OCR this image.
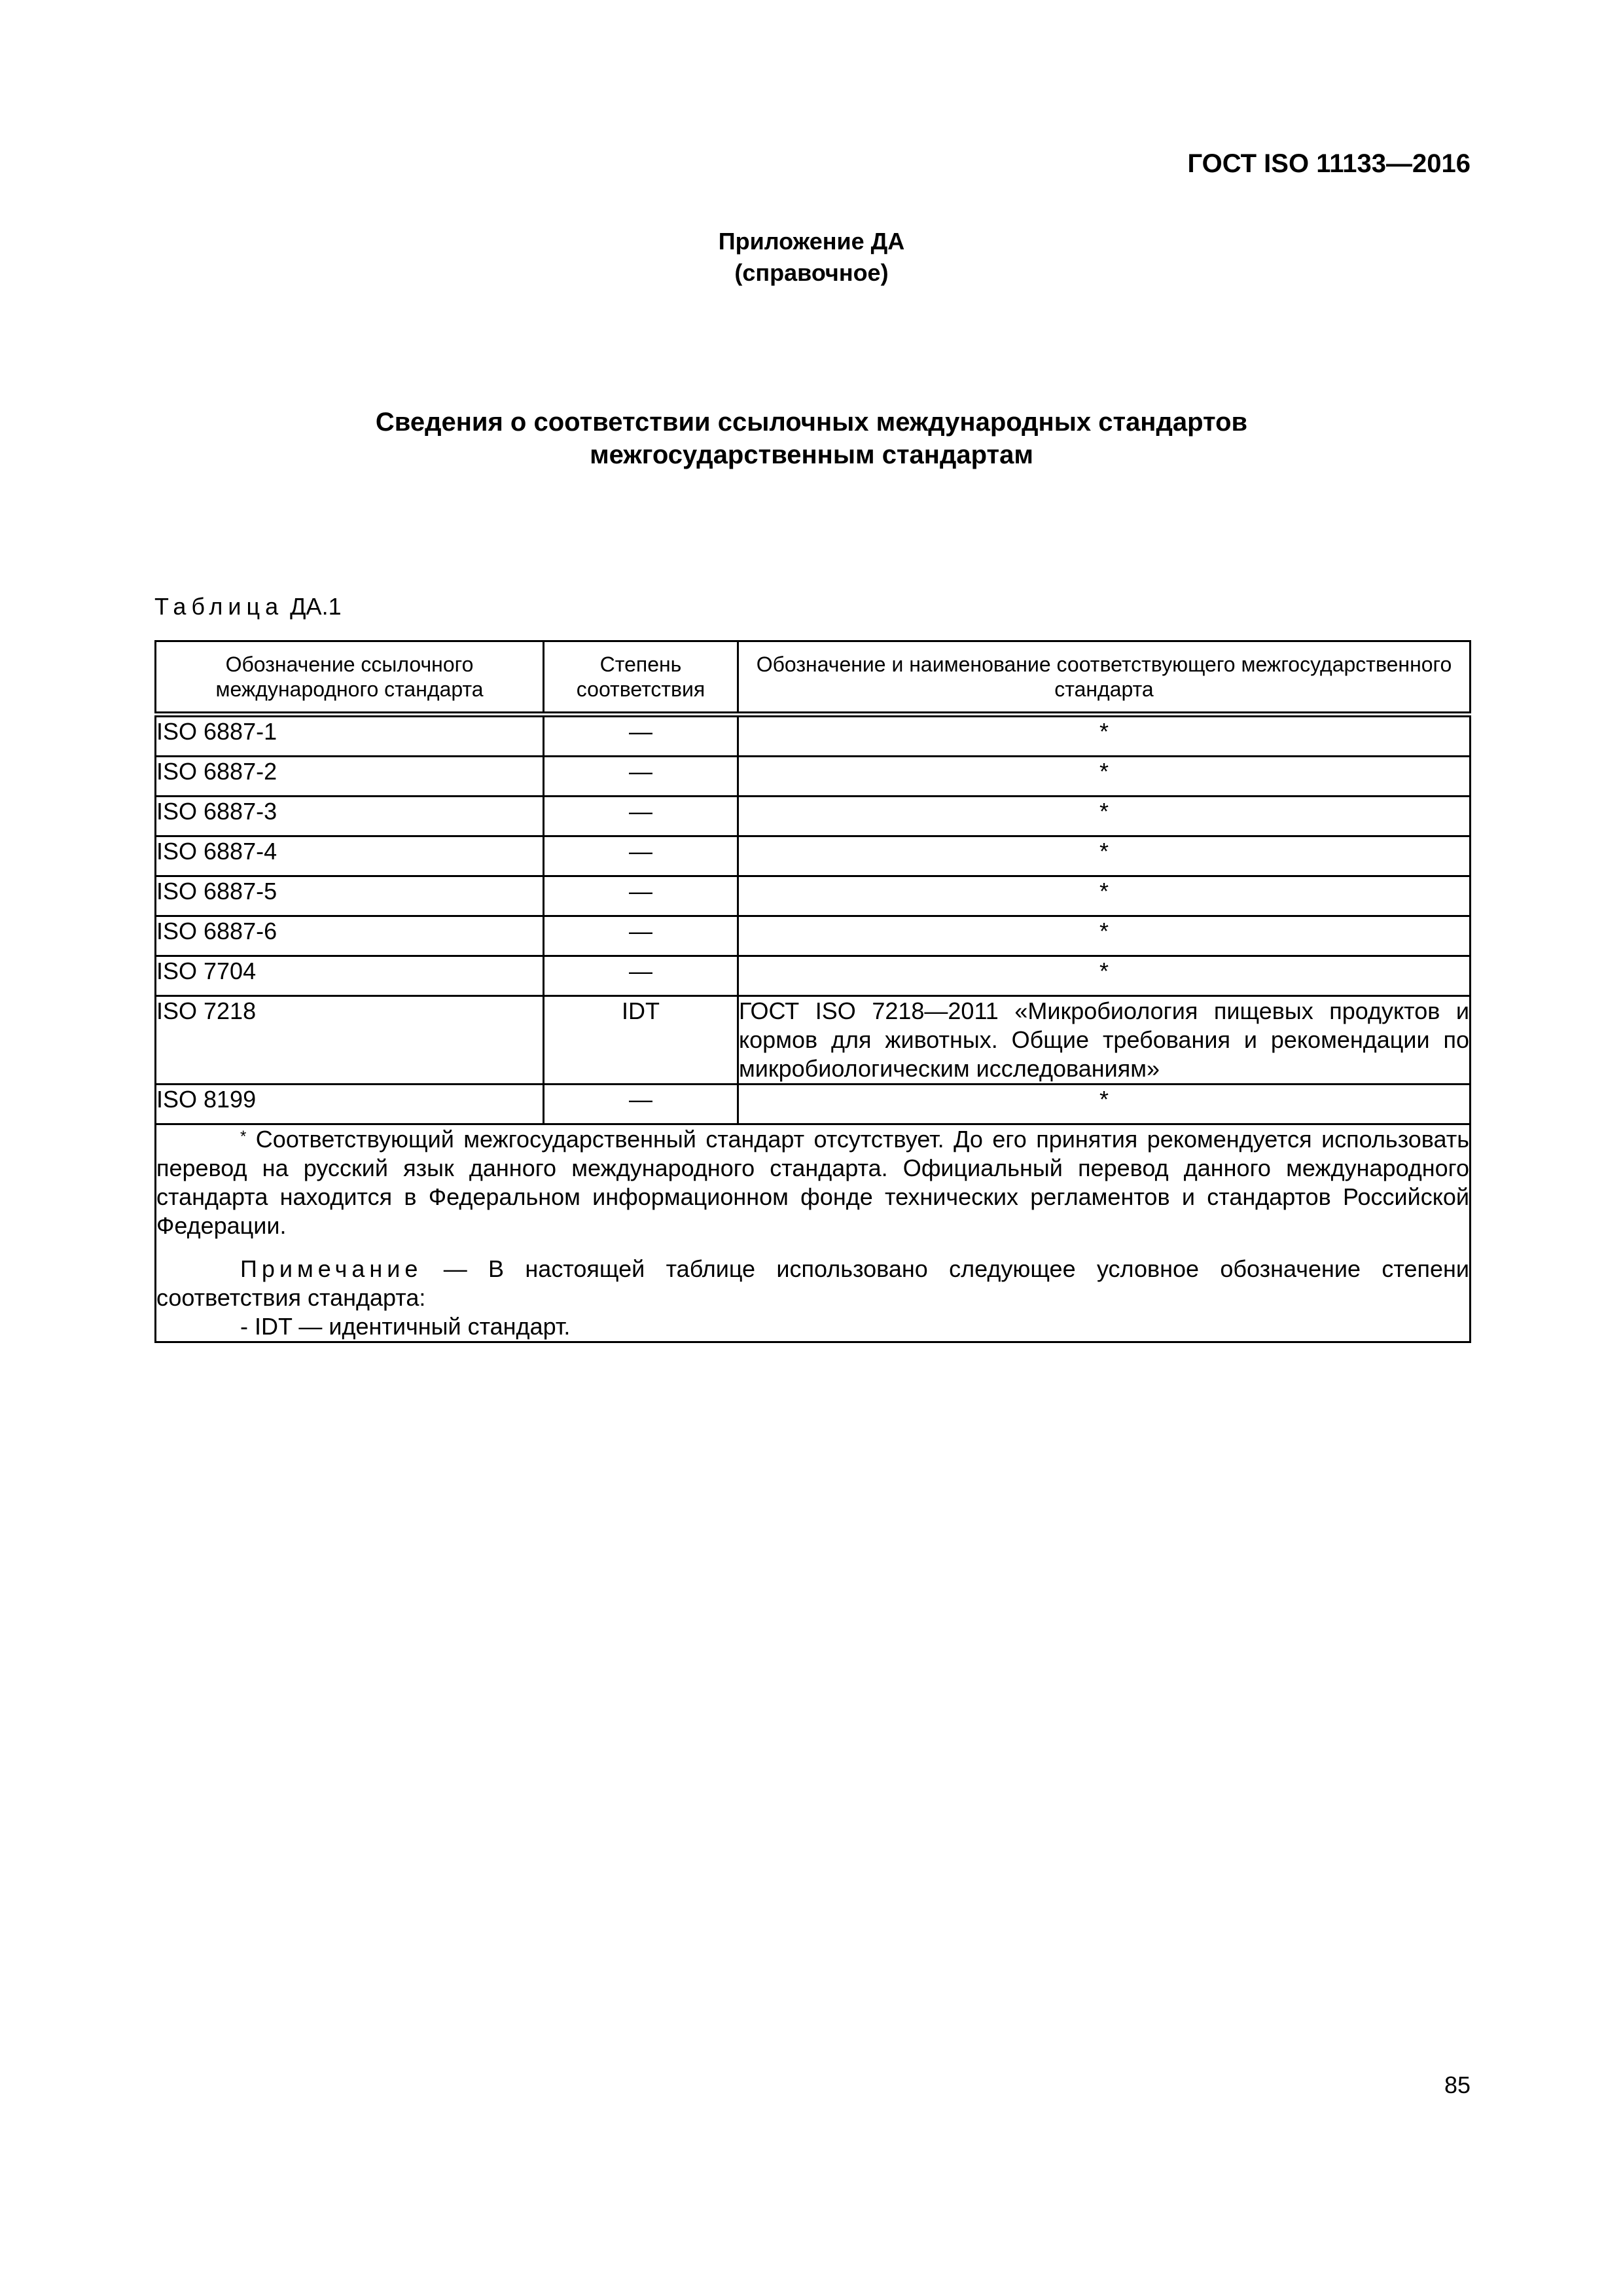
ГОСТ ISO 11133—2016
Приложение ДА
(справочное)
Сведения о соответствии ссылочных международных стандартов
межгосударственным стандартам
Таблица ДА.1
Обозначение ссылочного международного стандарта	Степень соответствия	Обозначение и наименование соответствующего межгосударственного стандарта
ISO 6887-1	—	*
ISO 6887-2	—	*
ISO 6887-3	—	*
ISO 6887-4	—	*
ISO 6887-5	—	*
ISO 6887-6	—	*
ISO 7704	—	*
ISO 7218	IDT	ГОСТ ISO 7218—2011 «Микробиология пищевых продуктов и кормов для животных. Общие требования и рекомендации по микробиологическим исследованиям»
ISO 8199	—	*

* Соответствующий межгосударственный стандарт отсутствует. До его принятия рекомендуется использовать перевод на русский язык данного международного стандарта. Официальный перевод данного международного стандарта находится в Федеральном информационном фонде технических регламентов и стандартов Российской Федерации.

Примечание — В настоящей таблице использовано следующее условное обозначение степени соответствия стандарта:

- IDT — идентичный стандарт.		
85
